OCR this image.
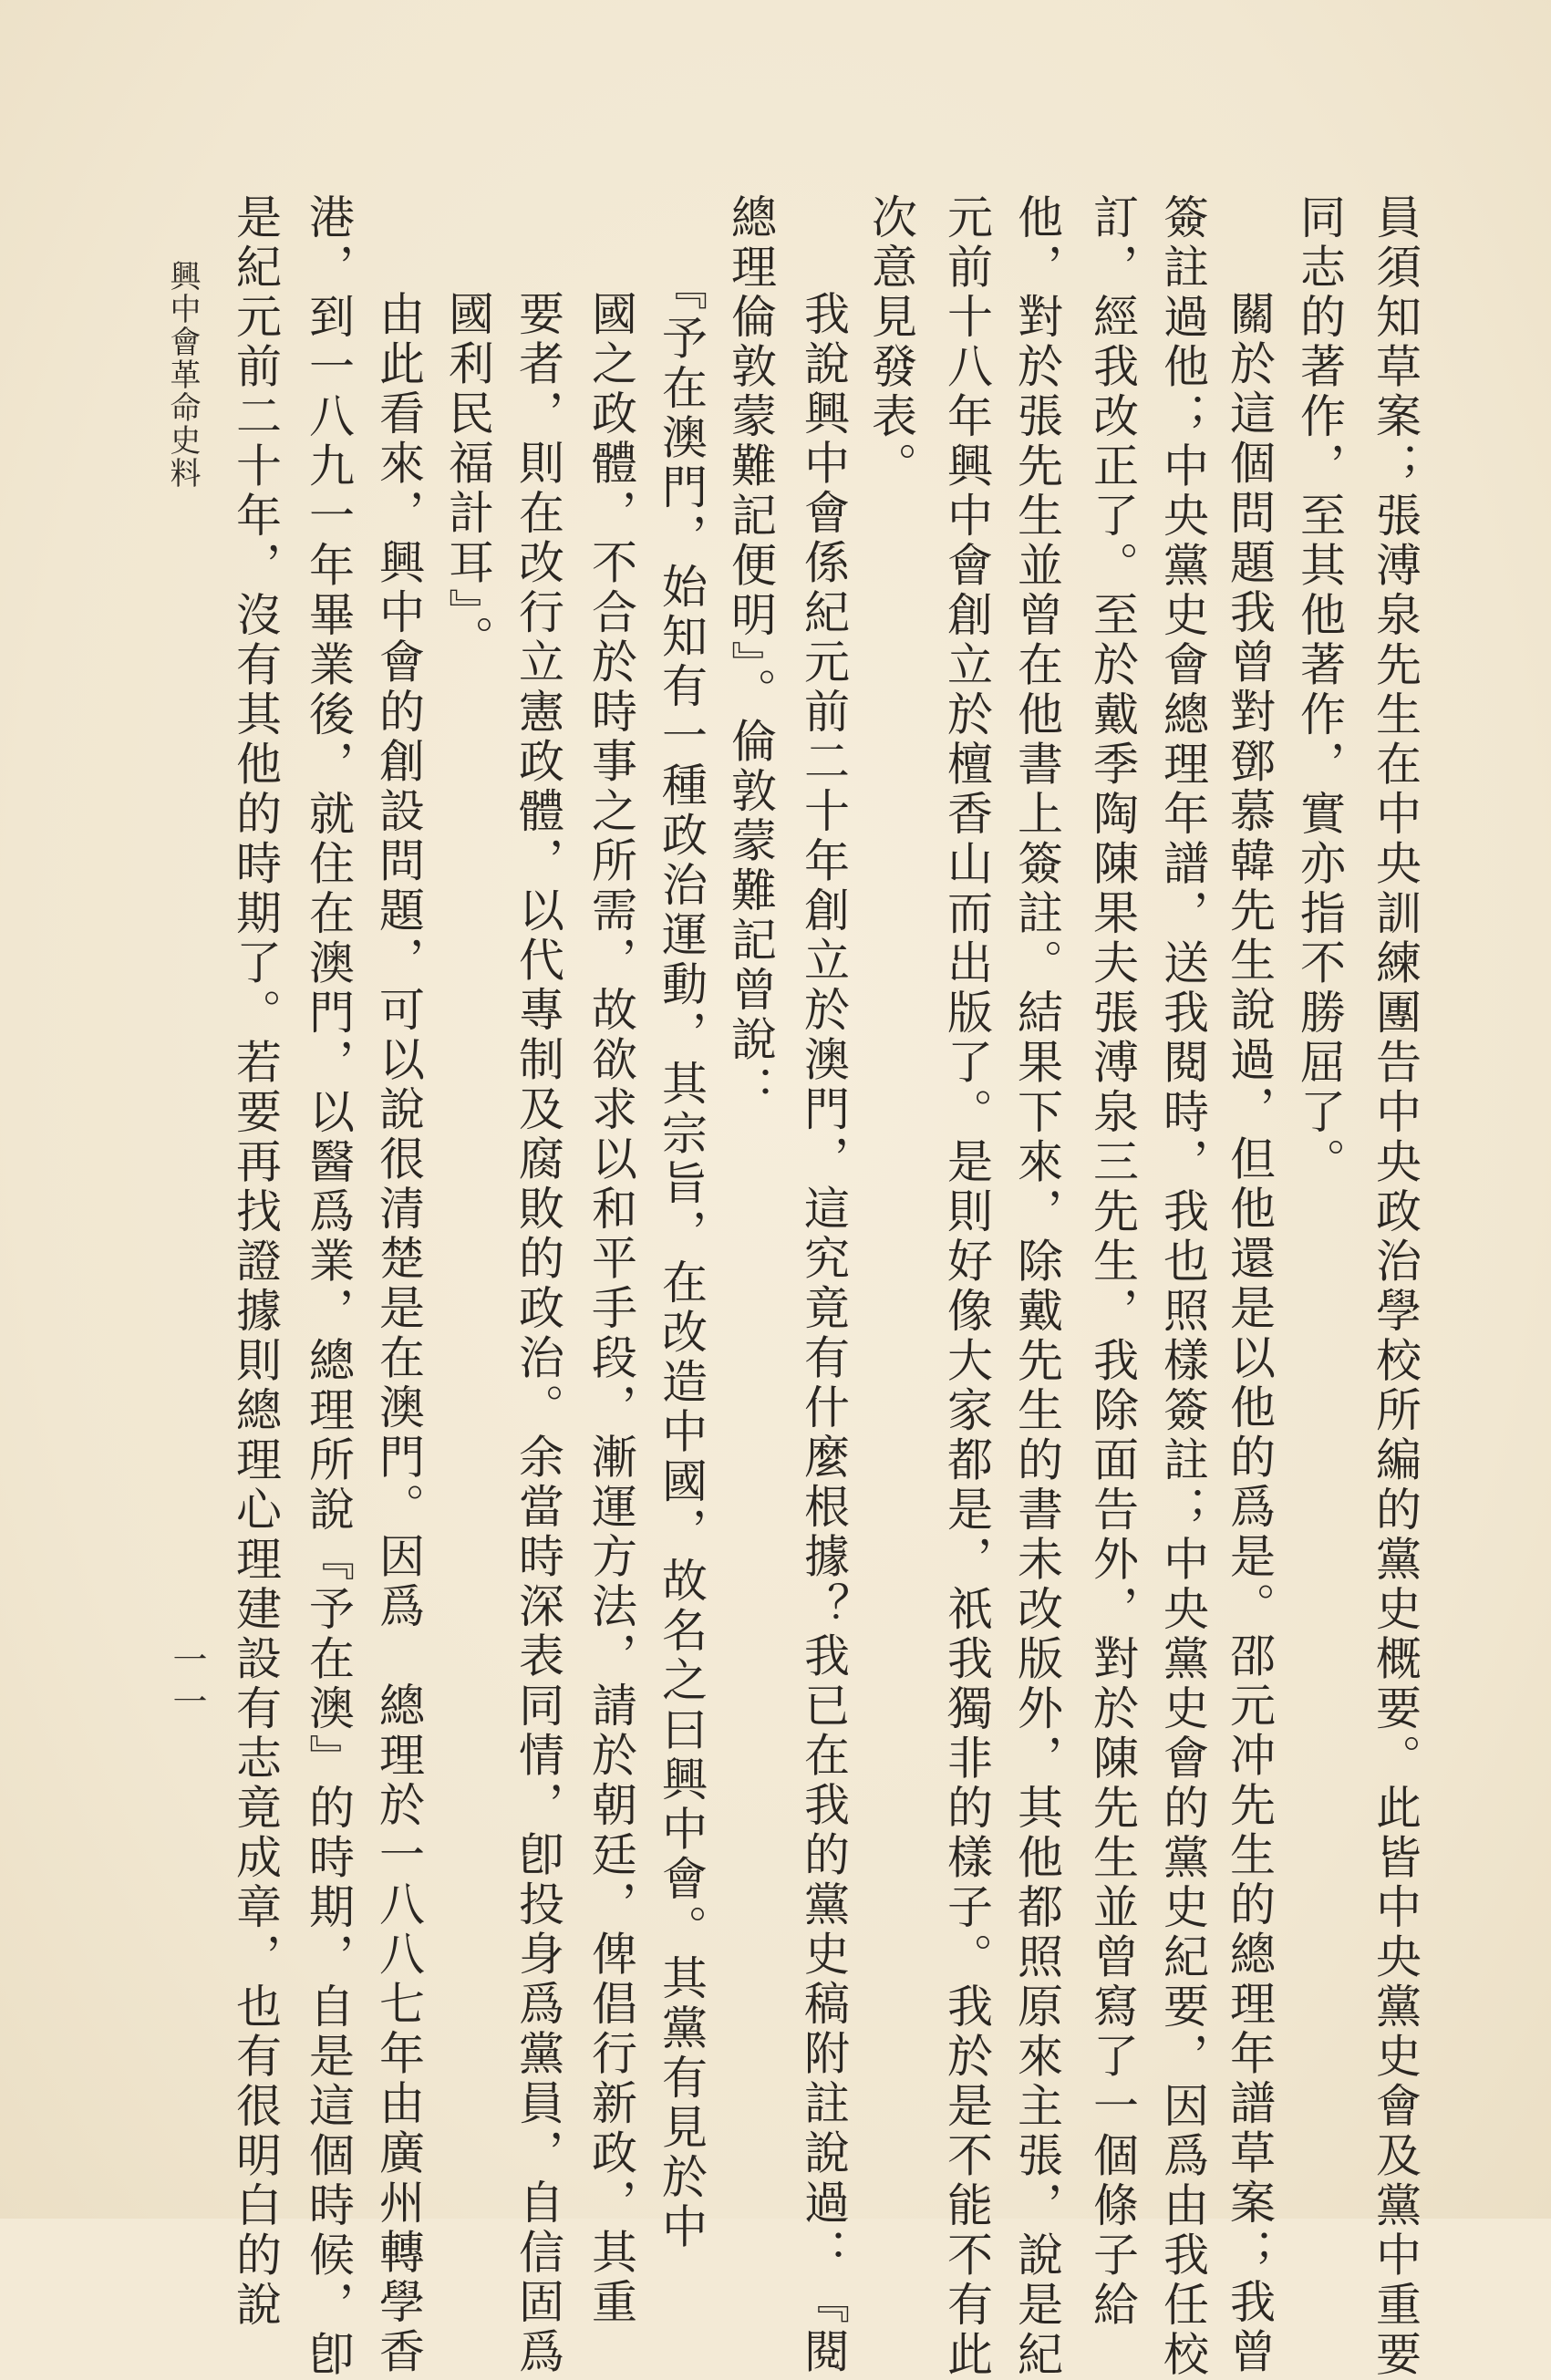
員須知草案；張溥泉先生在中央訓練團告中央政治學校所編的黨史概要。此皆中央黨史會及黨中重要
同志的著作，至其他著作，實亦指不勝屈了。
關於這個問題我曾對鄧慕韓先生說過，但他還是以他的爲是。邵元冲先生的總理年譜草案；我曾
簽註過他；中央黨史會總理年譜，送我閱時，我也照樣簽註；中央黨史會的黨史紀要，因爲由我任校
訂，經我改正了。至於戴季陶陳果夫張溥泉三先生，我除面告外，對於陳先生並曾寫了一個條子給
他，對於張先生並曾在他書上簽註。結果下來，除戴先生的書未改版外，其他都照原來主張，說是紀
元前十八年興中會創立於檀香山而出版了。是則好像大家都是，祇我獨非的樣子。我於是不能不有此
次意見發表。
我說興中會係紀元前二十年創立於澳門，這究竟有什麼根據？我已在我的黨史稿附註說過：『閱
總理倫敦蒙難記便明』。倫敦蒙難記曾說：
『予在澳門，始知有一種政治運動，其宗旨，在改造中國，故名之曰興中會。其黨有見於中
國之政體，不合於時事之所需，故欲求以和平手段，漸運方法，請於朝廷，俾倡行新政，其重
要者，則在改行立憲政體，以代專制及腐敗的政治。余當時深表同情，卽投身爲黨員，自信固爲
國利民福計耳』。
由此看來，興中會的創設問題，可以說很清楚是在澳門。因爲　總理於一八八七年由廣州轉學香
港，到一八九一年畢業後，就住在澳門，以醫爲業，總理所說『予在澳』的時期，自是這個時候，卽
是紀元前二十年，沒有其他的時期了。若要再找證據則總理心理建設有志竟成章，也有很明白的說
興中會革命史料
一一
